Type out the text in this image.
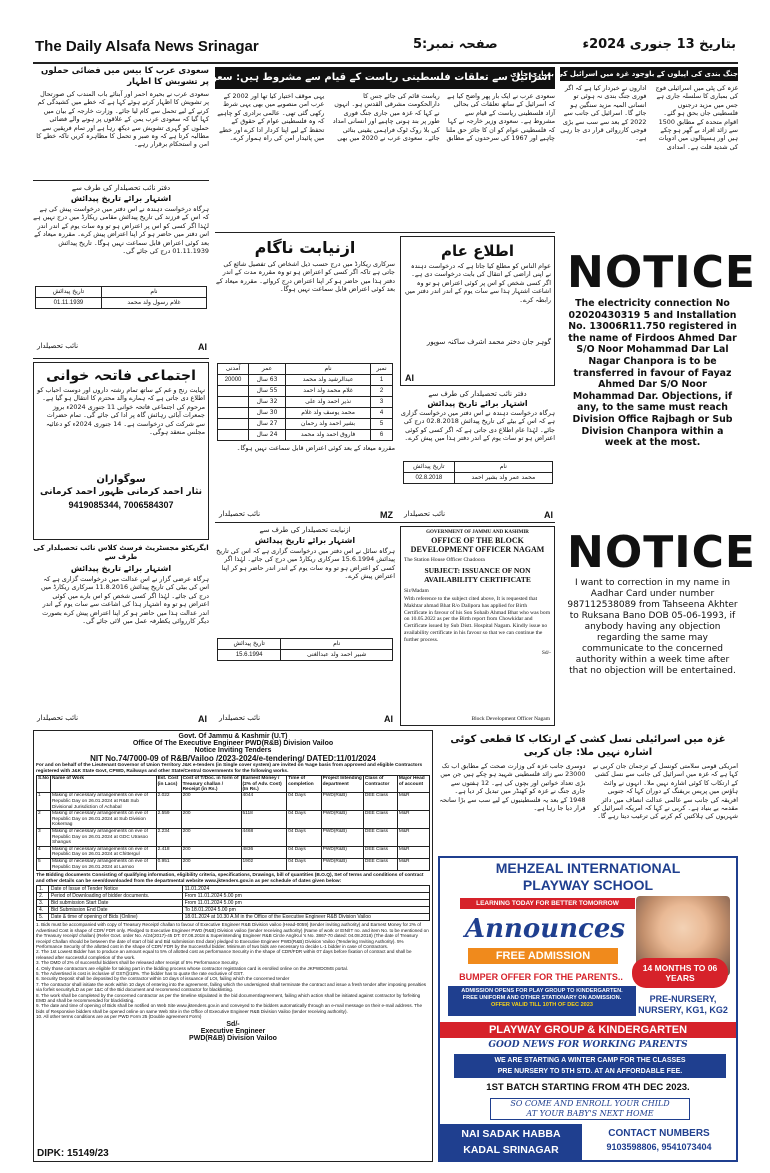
The Daily Alsafa News Srinagar	صفحہ نمبر:5	بتاریخ 13 جنوری 2024ء
سعودی عرب کا بیس میں فضائی حملوں پر تشویش کا اظہار
سعودی عرب نے بحیرہ احمر اور آبنائے باب المندب کی صورتحال پر تشویش کا اظہار کرتے ہوئے کہا ہے کہ خطے میں کشیدگی کم کرنے کے لیے تحمل سے کام لیا جائے۔ وزارت خارجہ کے بیان میں کہا گیا کہ سعودی عرب یمن کے علاقوں پر ہونے والے فضائی حملوں کو گہری تشویش سے دیکھ رہا ہے اور تمام فریقین سے مطالبہ کرتا ہے کہ وہ صبر و تحمل کا مظاہرہ کریں تاکہ خطے کا امن و استحکام برقرار رہے۔
دفتر نائب تحصیلدار کی طرف سے
اشتہار برائے تاریخ پیدائش
ہرگاہ درخواست دہندہ نے اس دفتر میں درخواست پیش کی ہے کہ اس کے فرزند کی تاریخ پیدائش مقامی ریکارڈ میں درج نہیں ہے لہٰذا اگر کسی کو اس پر اعتراض ہو تو وہ سات یوم کے اندر اندر اس دفتر میں حاضر ہو کر اپنا اعتراض پیش کرے۔ مقررہ میعاد کے بعد کوئی اعتراض قابل سماعت نہیں ہوگا۔ تاریخ پیدائش 01.11.1939 درج کی جائے گی۔
نام	تاریخ پیدائش
غلام رسول ولد محمد	01.11.1939
نائب تحصیلدار	AI
اجتماعی فاتحہ خوانی
نہایت رنج و غم کے ساتھ تمام رشتہ داروں اور دوست احباب کو اطلاع دی جاتی ہے کہ ہمارے والد محترم کا انتقال ہو گیا ہے۔ مرحوم کی اجتماعی فاتحہ خوانی 11 جنوری 2024ء بروز جمعرات آبائی رہائش گاہ پر ادا کی جائے گی۔ تمام حضرات سے شرکت کی درخواست ہے۔ 14 جنوری 2024ء کو دعائیہ مجلس منعقد ہوگی۔
سوگواران
نثار احمد کرمانی ظہور احمد کرمانی
9419085344, 7006584307
ایگزیکٹو مجسٹریٹ فرسٹ کلاس نائب تحصیلدار کی طرف سے
اشتہار برائے تاریخ پیدائش
ہرگاہ عرضی گزار نے اس عدالت میں درخواست گزاری ہے کہ اس کی بیٹی کی تاریخ پیدائش 11.8.2016 سرکاری ریکارڈ میں درج کی جائے۔ لہٰذا اگر کسی شخص کو اس بارے میں کوئی اعتراض ہو تو وہ اشتہار ہذا کی اشاعت سے سات یوم کے اندر اندر عدالت ہذا میں حاضر ہو کر اپنا اعتراض پیش کرے بصورت دیگر کارروائی یکطرفہ عمل میں لائی جائے گی۔
نائب تحصیلدار	AI
اسرائیل سے تعلقات فلسطینی ریاست کے قیام سے مشروط ہیں: سعودی عرب
سعودی عرب نے ایک بار پھر واضح کیا ہے کہ اسرائیل کے ساتھ تعلقات کی بحالی آزاد فلسطینی ریاست کے قیام سے مشروط ہے۔ سعودی وزیر خارجہ نے کہا کہ فلسطینی عوام کو ان کا جائز حق ملنا چاہیے اور 1967 کی سرحدوں کے مطابق ریاست قائم کی جائے جس کا دارالحکومت مشرقی القدس ہو۔ انہوں نے کہا کہ غزہ میں جاری جنگ فوری طور پر بند ہونی چاہیے اور انسانی امداد کی بلا روک ٹوک فراہمی یقینی بنائی جائے۔ سعودی عرب نے 2020 میں بھی یہی موقف اختیار کیا تھا اور 2002 کے عرب امن منصوبے میں بھی یہی شرط رکھی گئی تھی۔ عالمی برادری کو چاہیے کہ وہ فلسطینی عوام کے حقوق کے تحفظ کے لیے اپنا کردار ادا کرے اور خطے میں پائیدار امن کی راہ ہموار کرے۔
جنگ بندی کی اپیلوں کے باوجود غزہ میں اسرائیل کی بمباری جاری
غزہ کی پٹی میں اسرائیلی فوج کی بمباری کا سلسلہ جاری ہے جس میں مزید درجنوں فلسطینی جاں بحق ہو گئے۔ اقوام متحدہ کے مطابق 1500 سے زائد افراد بے گھر ہو چکے ہیں اور ہسپتالوں میں ادویات کی شدید قلت ہے۔ امدادی اداروں نے خبردار کیا ہے کہ اگر فوری جنگ بندی نہ ہوئی تو انسانی المیہ مزید سنگین ہو جائے گا۔ اسرائیل کی جانب سے 2022 کے بعد سے سب سے بڑی فوجی کارروائی قرار دی جا رہی ہے۔
ازنیابت ناگام
سرکاری ریکارڈ میں درج حسب ذیل اشخاص کی تفصیل شائع کی جاتی ہے تاکہ اگر کسی کو اعتراض ہو تو وہ مقررہ مدت کے اندر دفتر ہذا میں حاضر ہو کر اپنا اعتراض درج کروائے۔ مقررہ میعاد کے بعد کوئی اعتراض قابل سماعت نہیں ہوگا۔
نمبر	نام	عمر	آمدنی
1	عبدالرشید ولد محمد	63 سال	20000
2	غلام محمد ولد احمد	55 سال	
3	نذیر احمد ولد علی	32 سال	
4	محمد یوسف ولد غلام	30 سال	
5	بشیر احمد ولد رحمان	27 سال	
6	فاروق احمد ولد محمد	24 سال	
مقررہ میعاد کے بعد کوئی اعتراض قابل سماعت نہیں ہوگا۔
نائب تحصیلدار	MZ
اطلاع عام
عوام الناس کو مطلع کیا جاتا ہے کہ درخواست دہندہ نے اپنی اراضی کے انتقال کی بابت درخواست دی ہے۔ اگر کسی شخص کو اس پر کوئی اعتراض ہو تو وہ اشاعت اشتہار ہذا سے سات یوم کے اندر اندر دفتر میں رابطہ کرے۔
گوہر جان دختر محمد اشرف ساکنہ سوپور
AI
دفتر نائب تحصیلدار کی طرف سے
اشتہار برائے تاریخ پیدائش
ہرگاہ درخواست دہندہ نے اس دفتر میں درخواست گزاری ہے کہ اس کے بیٹے کی تاریخ پیدائش 02.8.2018 درج کی جائے۔ لہٰذا عام اطلاع دی جاتی ہے کہ اگر کسی کو کوئی اعتراض ہو تو سات یوم کے اندر دفتر ہذا میں پیش کرے۔
نام	تاریخ پیدائش
محمد عمر ولد بشیر احمد	02.8.2018
نائب تحصیلدار	AI
ازنیابت تحصیلدار کی طرف سے
اشتہار برائے تاریخ پیدائش
ہرگاہ سائل نے اس دفتر میں درخواست گزاری ہے کہ اس کی تاریخ پیدائش 15.6.1994 سرکاری ریکارڈ میں درج کی جائے۔ لہٰذا اگر کسی کو اعتراض ہو تو وہ سات یوم کے اندر اندر حاضر ہو کر اپنا اعتراض پیش کرے۔
نام	تاریخ پیدائش
شبیر احمد ولد عبدالغنی	15.6.1994
نائب تحصیلدار	AI
GOVERNMENT OF JAMMU AND KASHMIR
OFFICE OF THE BLOCK DEVELOPMENT OFFICER NAGAM
The Station House Officer Chadoora
SUBJECT: ISSUANCE OF NON AVAILABILITY CERTIFICATE
Sir/Madam
With reference to the subject cited above, It is requested that Makhtar ahmad Bhat R/o Dalipora has applied for Birth Certificate in favour of his Son Sohaib Ahmad Bhat who was born on 10.05.2022 as per the Birth report from Chowkidar and Certificate issued by Sub Distt. Hospital Nagam. Kindly issue no availability certificate in his favour so that we can continue the further process.
Sd/-
Block Development Officer Nagam
NOTICE
The electricity connection No 02020430319 5 and Installation No. 13006R11.750 registered in the name of Firdoos Ahmed Dar S/O Noor Mohammad Dar Lal Nagar Chanpora is to be transferred in favour of Fayaz Ahmed Dar S/O Noor Mohammad Dar. Objections, if any, to the same must reach Division Office Rajbagh or Sub Division Chanpora within a week at the most.
NOTICE
I want to correction in my name in Aadhar Card under number 987112538089 from Tahseena Akhter to Ruksana Bano DOB 05-06-1993, if anybody having any objection regarding the same may communicate to the concerned authority within a week time after that no objection will be entertained.
Govt. Of Jammu & Kashmir (U.T)
Office Of The Executive Engineer PWD(R&B) Division Vailoo
Notice Inviting Tenders
NIT No.74/7000-09 of R&B/Vailoo /2023-2024/e-tendering/ DATED:11/01/2024
For and on behalf of the Lieutenant Governor of Union Territory J&K e-tenders (in Single cover system) are invited on %age basis from approved and eligible Contractors registered with J&K State Govt, CPWD, Railways and other State/Central Governments for the following works.
S.No	Name of Work	Est. Cost (in Lacs)	Cost of T/Doc. in form of Treasury challan / Receipt (in Rs.)	Earnest Money / (2% of Adv. Cost) (In Rs.)	Time of completion	Project Intending department	Class of Contractor	Major Head of account
1	Making of necessary arrangements on eve of Republic Day on 26.01.2024 at R&B Sub Divisional Jurisdiction of Achabal	2.022	200	4044	04 Days	PWD(R&B)	DEE Class	M&R
2	Making of necessary arrangements on eve of Republic Day on 26.01.2024 at Sub Division Kokernag	2.559	200	5118	04 Days	PWD(R&B)	DEE Class	M&R
3	Making of necessary arrangements on eve of Republic Day on 26.01.2024 at GDC Utrasoo Shangus	2.234	200	4468	04 Days	PWD(R&B)	DEE Class	M&R
4	Making of necessary arrangements on eve of Republic Day on 26.01.2024 at Chittergul	2.418	200	4836	04 Days	PWD(R&B)	DEE Class	M&R
5	Making of necessary arrangements on eve of Republic Day on 26.01.2024 at Larnoo	0.951	200	1902	04 Days	PWD(R&B)	DEE Class	M&R
The Bidding documents Consisting of qualifying information, eligibility criteria, specifications, Drawings, bill of quantities (B.O.Q), Set of terms and conditions of contract and other details can be seen/downloaded from the departmental website www.jktenders.gov.in as per schedule of dates given below:
1.	Date of Issue of Tender Notice	11.01.2024
2.	Period of Downloading of bidder documents.	From 11.01.2024 5.00 pm
3.	Bid submission Start Date	From 11.01.2024 5.00 pm
4.	Bid Submission End Date	To 18.01.2024 5.00 pm
5.	Date & time of opening of Bids (Online)	18.01.2024 at 10.30 A.M in the Office of the Executive Engineer R&B Division Vailoo
1. Bids must be accompanied with copy of Treasury Receipt/ challan to favour of Executive Engineer R&B Division vailoo (Head-0059) (tender inviting authority) and Earnest Money for 2% of Advertised Cost in shape of CDR/ FDR only. Pledged to Executive Engineer PWD (R&B) Division vailoo (tender receiving authority) (Name of work or EIN/IT no. and item No. to be mentioned on the Treasury receipt/ challan) (Refer Govt. order No. A/24(2017)-45 DT: 07.08.2018 & Superintending Engineer R&B Circle Ang/Kul 's No. 3867-70 dated: 04.08.2018) (The date of Treasury receipt/ Challan should be between the date of start of bid and Bid submission End date) pledged to Executive Engineer PWD(R&B) Division Vailoo (Tendering Inviting Authority). 5% Performance Security of the allotted cost in the shape of CDR/ FDR by the Successful bidder. Minimum of two bids are necessary to decide L-1 bidder in case of Contractors.
2. The 1st Lowest Bidder has to produce an amount equal to 5% of allotted cost as performance Security in the shape of CDR/FDR within 07 days before fixation of contract and shall be released after successful completion of the work.
3. The DMD of 2% of successful bidders shall be released after receipt of 5% Performance Security.
4. Only those contractors are eligible for taking part in the bidding process whose contractor registration card is enrolled online on the JKPWDOMS portal.
5. The Advertised is cost is inclusive of GST@18%. The bidder has to quote the rate exclusive of GST.
6. Security Deposit shall be deposited by the contractor within 10 days of issuance of LOI, failing which the concerned tender
7. The contractor shall initiate the work within 10 days of entering into the agreement, failing which the undersigned shall terminate the contract and issue a fresh tender after imposing penalties via forfeit security/LD as per 1&C of the Bid document and recommend contractor for blacklisting.
8. The work shall be completed by the concerned contractor as per the timeline stipulated in the bid document/agreement, failing which action shall be initiated against contractor by forfeiting EMD and shall be recommended for blacklisting.
9. The date and time of opening of Bids shall be notified on Web Site www.jktenders.gov.in and conveyed to the bidders automatically through an e-mail message on their e-mail address. The bids of Responsive bidders shall be opened online on same Web Site in the Office of Executive Engineer R&B Division Vailoo (tender receiving authority).
10. All other terms conditions are as per PWD Form 25 (Double agreement Form)
Sd/-
Executive Engineer
PWD(R&B) Division Vailoo
DIPK: 15149/23
غزہ میں اسرائیلی نسل کشی کے ارتکاب کا قطعی کوئی اشارہ نہیں ملا: جان کربی
امریکی قومی سلامتی کونسل کے ترجمان جان کربی نے کہا ہے کہ غزہ میں اسرائیل کی جانب سے نسل کشی کے ارتکاب کا کوئی اشارہ نہیں ملا۔ انہوں نے وائٹ ہاؤس میں پریس بریفنگ کے دوران کہا کہ جنوبی افریقہ کی جانب سے عالمی عدالت انصاف میں دائر مقدمہ بے بنیاد ہے۔ کربی نے کہا کہ امریکہ اسرائیل کو شہریوں کی ہلاکتیں کم کرنے کی ترغیب دیتا رہے گا۔ دوسری جانب غزہ کی وزارت صحت کے مطابق اب تک 23000 سے زائد فلسطینی شہید ہو چکے ہیں جن میں بڑی تعداد خواتین اور بچوں کی ہے۔ 12 ہفتوں سے جاری جنگ نے غزہ کو کھنڈر میں تبدیل کر دیا ہے۔ 1948 کے بعد یہ فلسطینیوں کے لیے سب سے بڑا سانحہ قرار دیا جا رہا ہے۔
MEHZEAL INTERNATIONAL
PLAYWAY SCHOOL
LEARNING TODAY FOR BETTER TOMORROW
Announces
FREE ADMISSION
14 MONTHS TO 06 YEARS
PRE-NURSERY, NURSERY, KG1, KG2
BUMPER OFFER FOR THE PARENTS..
ADMISSION OPENS FOR PLAY GROUP TO KINDERGARTEN.
FREE UNIFORM AND OTHER STATIONARY ON ADMISSION.
OFFER VALID TILL 10TH OF DEC 2023
PLAYWAY GROUP & KINDERGARTEN
GOOD NEWS FOR WORKING PARENTS
WE ARE STARTING A WINTER CAMP FOR THE CLASSES
PRE NURSERY TO 5TH STD. AT AN AFFORDABLE FEE.
1ST BATCH STARTING FROM 4TH DEC 2023.
SO COME AND ENROLL YOUR CHILD
AT YOUR BABY'S NEXT HOME
NAI SADAK HABBA
KADAL SRINAGAR
CONTACT NUMBERS
9103598806, 9541073404
